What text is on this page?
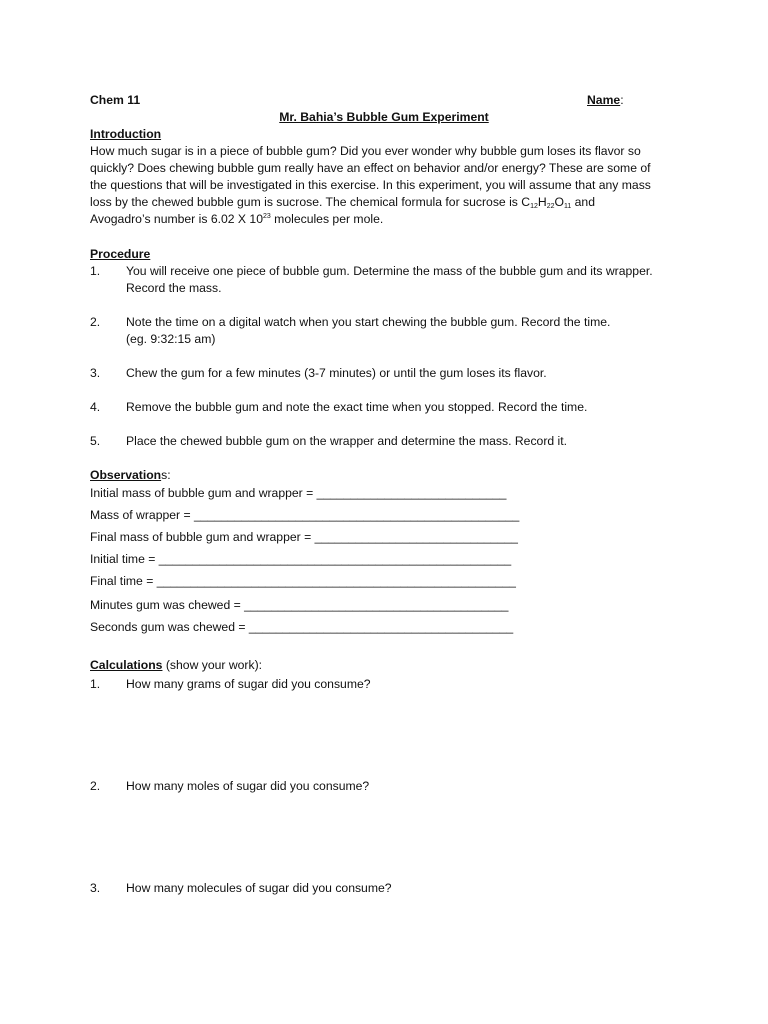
Chem 11	Name:
Mr. Bahia’s Bubble Gum Experiment
Introduction
How much sugar is in a piece of bubble gum? Did you ever wonder why bubble gum loses its flavor so
quickly? Does chewing bubble gum really have an effect on behavior and/or energy? These are some of
the questions that will be investigated in this exercise. In this experiment, you will assume that any mass
loss by the chewed bubble gum is sucrose. The chemical formula for sucrose is $C_{12}H_{22}O_{11}$ and
Avogadro’s number is 6.02 X $10^{23}$ molecules per mole.
Procedure
1.	You will receive one piece of bubble gum. Determine the mass of the bubble gum and its wrapper.
Record the mass.
2.	Note the time on a digital watch when you start chewing the bubble gum. Record the time.
(eg. 9:32:15 am)
3.	Chew the gum for a few minutes (3-7 minutes) or until the gum loses its flavor.
4.	Remove the bubble gum and note the exact time when you stopped. Record the time.
5.	Place the chewed bubble gum on the wrapper and determine the mass. Record it.
Observations:
Initial mass of bubble gum and wrapper = ____________________________
Mass of wrapper = ________________________________________________
Final mass of bubble gum and wrapper = ______________________________
Initial time = ____________________________________________________
Final time = _____________________________________________________
Minutes gum was chewed = _______________________________________
Seconds gum was chewed = _______________________________________
Calculations (show your work):
1.	How many grams of sugar did you consume?
2.	How many moles of sugar did you consume?
3.	How many molecules of sugar did you consume?
